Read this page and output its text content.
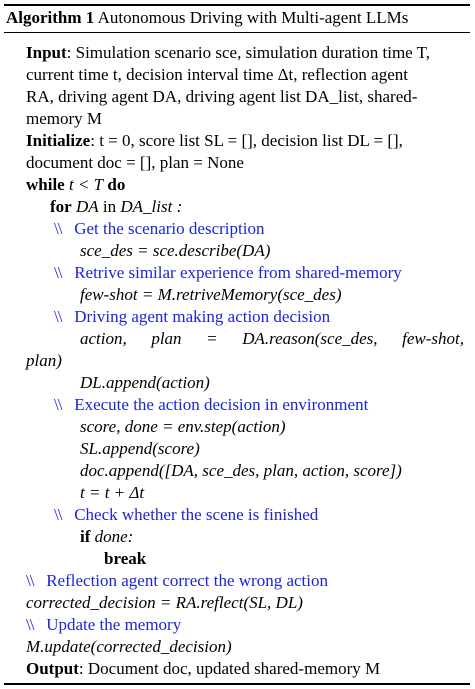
Algorithm 1 Autonomous Driving with Multi-agent LLMs
Input: Simulation scenario sce, simulation duration time T,
current time t, decision interval time Δt, reflection agent
RA, driving agent DA, driving agent list DA_list, shared-
memory M
Initialize: t = 0, score list SL = [], decision list DL = [],
document doc = [], plan = None
while t < T do
for DA in DA_list :
\\ Get the scenario description
sce_des = sce.describe(DA)
\\ Retrive similar experience from shared-memory
few-shot = M.retriveMemory(sce_des)
\\ Driving agent making action decision
action, plan = DA.reason(sce_des, few-shot,
plan)
DL.append(action)
\\ Execute the action decision in environment
score, done = env.step(action)
SL.append(score)
doc.append([DA, sce_des, plan, action, score])
t = t + Δt
\\ Check whether the scene is finished
if done:
break
\\ Reflection agent correct the wrong action
corrected_decision = RA.reflect(SL, DL)
\\ Update the memory
M.update(corrected_decision)
Output: Document doc, updated shared-memory M
